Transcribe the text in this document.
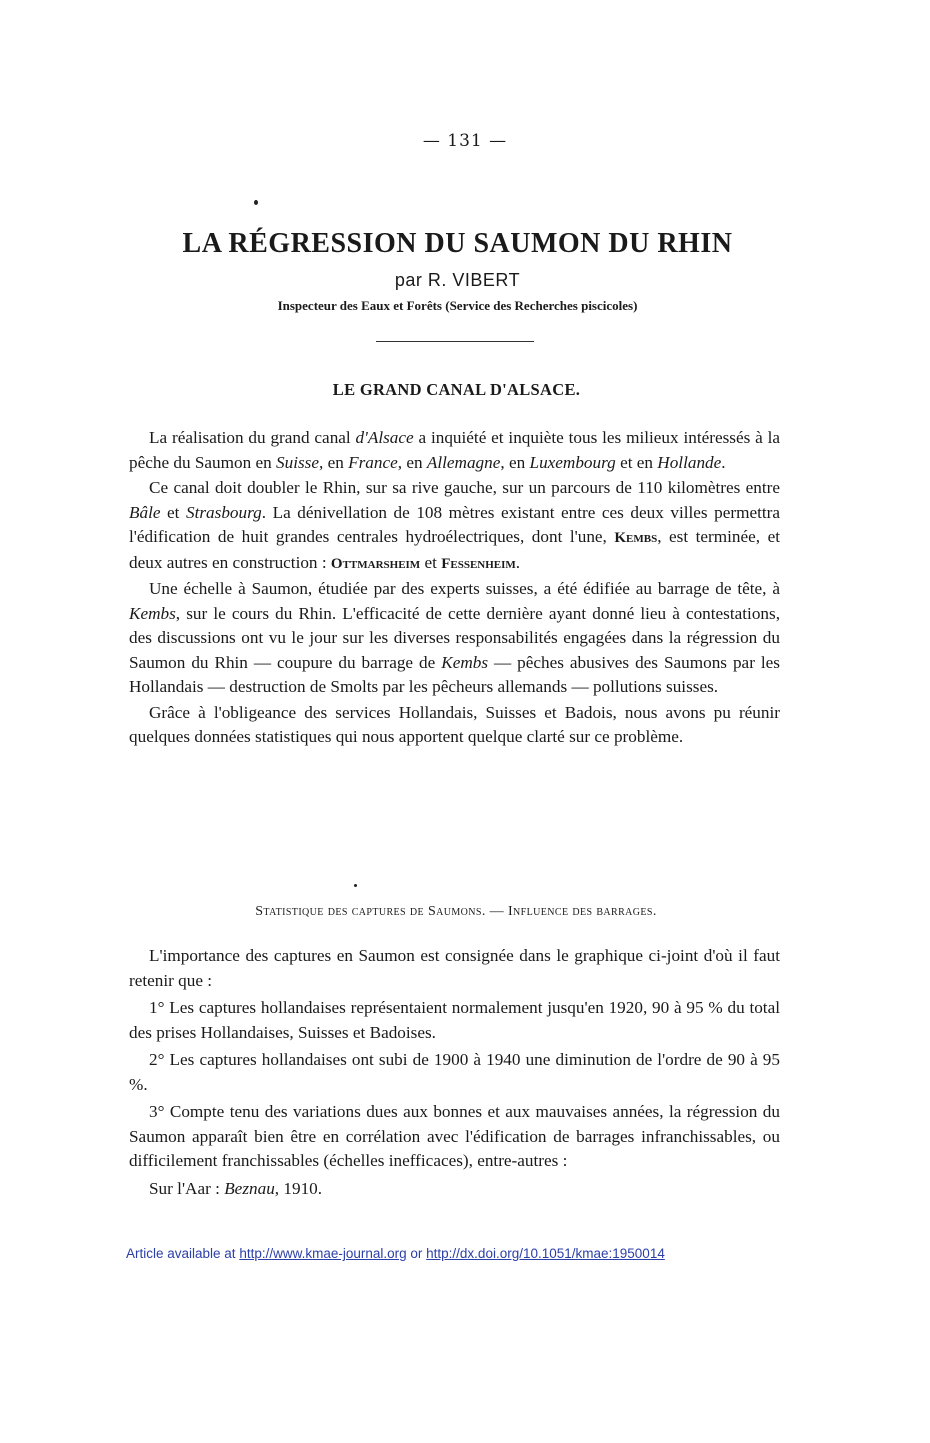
— 131 —
LA RÉGRESSION DU SAUMON DU RHIN
par R. VIBERT
Inspecteur des Eaux et Forêts (Service des Recherches piscicoles)
LE GRAND CANAL D'ALSACE.

La réalisation du grand canal d'Alsace a inquiété et inquiète tous les milieux intéressés à la pêche du Saumon en Suisse, en France, en Allemagne, en Luxembourg et en Hollande.

Ce canal doit doubler le Rhin, sur sa rive gauche, sur un parcours de 110 kilomètres entre Bâle et Strasbourg. La dénivellation de 108 mètres existant entre ces deux villes permettra l'édification de huit grandes centrales hydroélectriques, dont l'une, Kembs, est terminée, et deux autres en construction : Ottmarsheim et Fessenheim.

Une échelle à Saumon, étudiée par des experts suisses, a été édifiée au barrage de tête, à Kembs, sur le cours du Rhin. L'efficacité de cette dernière ayant donné lieu à contestations, des discussions ont vu le jour sur les diverses responsabilités engagées dans la régression du Saumon du Rhin — coupure du barrage de Kembs — pêches abusives des Saumons par les Hollandais — destruction de Smolts par les pêcheurs allemands — pollutions suisses.

Grâce à l'obligeance des services Hollandais, Suisses et Badois, nous avons pu réunir quelques données statistiques qui nous apportent quelque clarté sur ce problème.

Statistique des captures de Saumons. — Influence des barrages.

L'importance des captures en Saumon est consignée dans le graphique ci-joint d'où il faut retenir que :

1° Les captures hollandaises représentaient normalement jusqu'en 1920, 90 à 95 % du total des prises Hollandaises, Suisses et Badoises.

2° Les captures hollandaises ont subi de 1900 à 1940 une diminution de l'ordre de 90 à 95 %.

3° Compte tenu des variations dues aux bonnes et aux mauvaises années, la régression du Saumon apparaît bien être en corrélation avec l'édification de barrages infranchissables, ou difficilement franchissables (échelles inefficaces), entre-autres :

Sur l'Aar : Beznau, 1910.

Article available at http://www.kmae-journal.org or http://dx.doi.org/10.1051/kmae:1950014
